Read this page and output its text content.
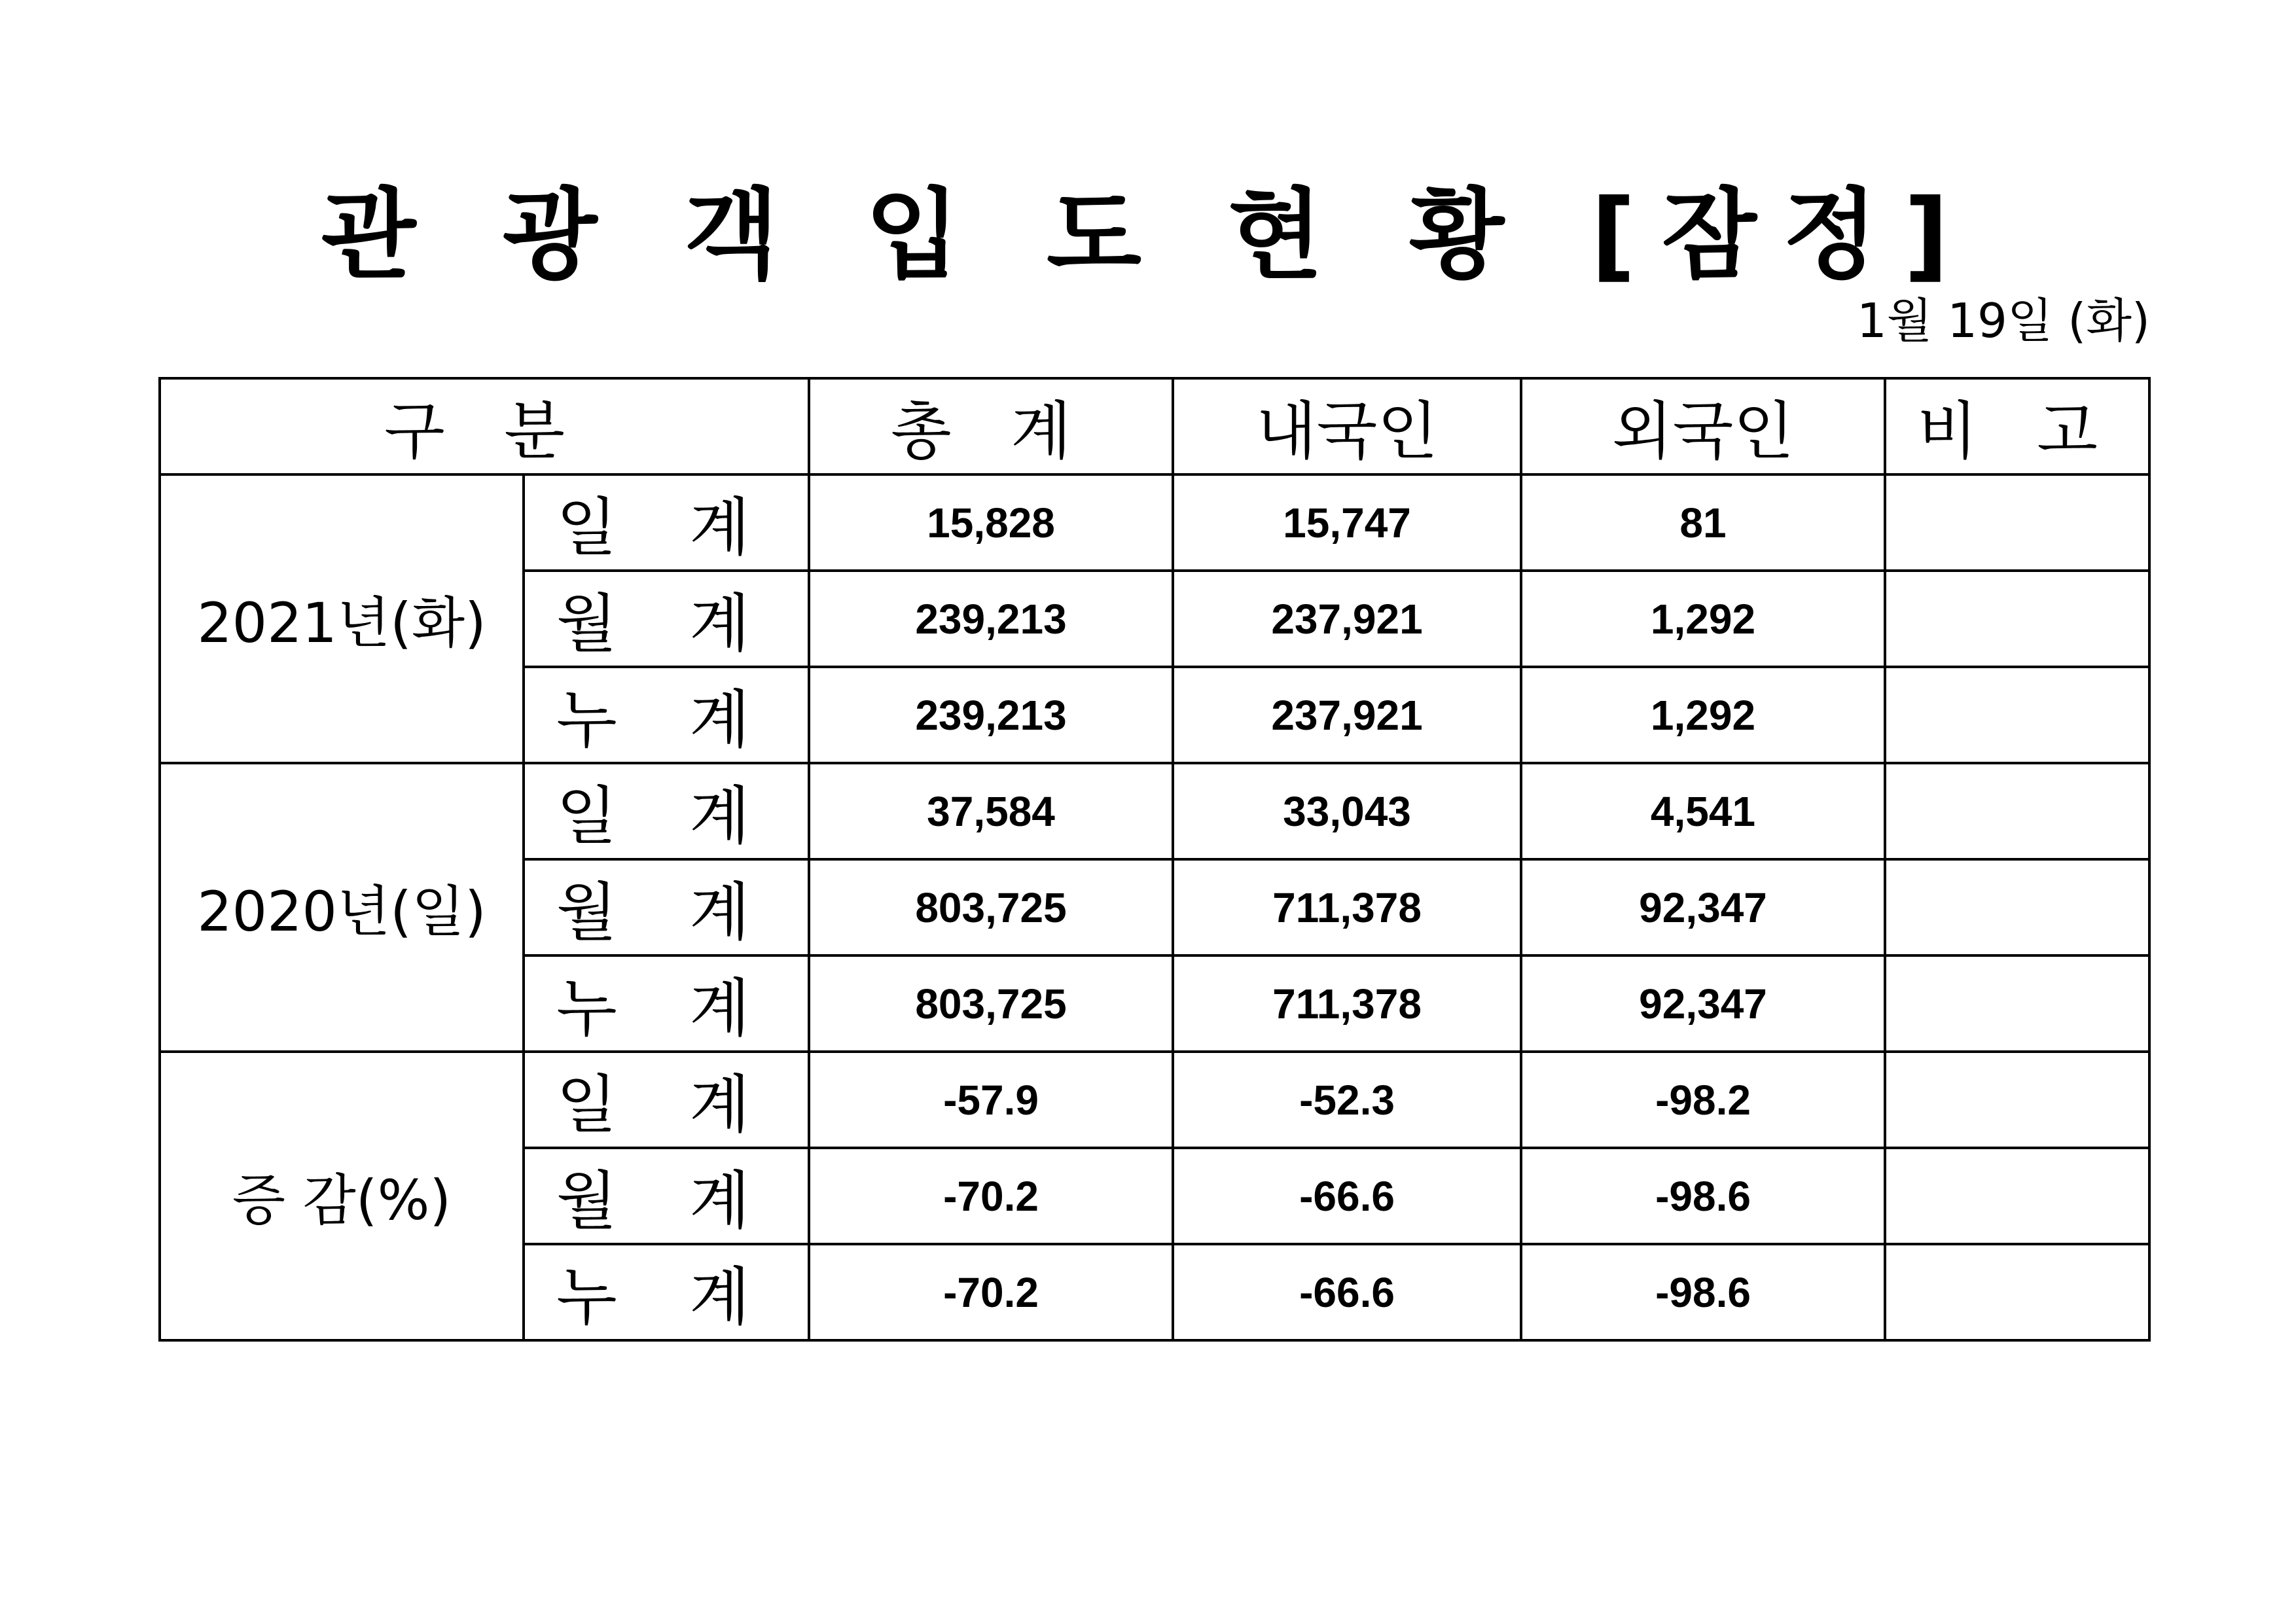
관 광 객 입 도 현 황 [잠정]
1월 19일 (화)
구 분		총 계	내국인	외국인	비 고
2021년(화)	일 계	15,828	15,747	81	
	월 계	239,213	237,921	1,292	
	누 계	239,213	237,921	1,292	
2020년(일)	일 계	37,584	33,043	4,541	
	월 계	803,725	711,378	92,347	
	누 계	803,725	711,378	92,347	
증 감(%)	일 계	-57.9	-52.3	-98.2	
	월 계	-70.2	-66.6	-98.6	
	누 계	-70.2	-66.6	-98.6	
